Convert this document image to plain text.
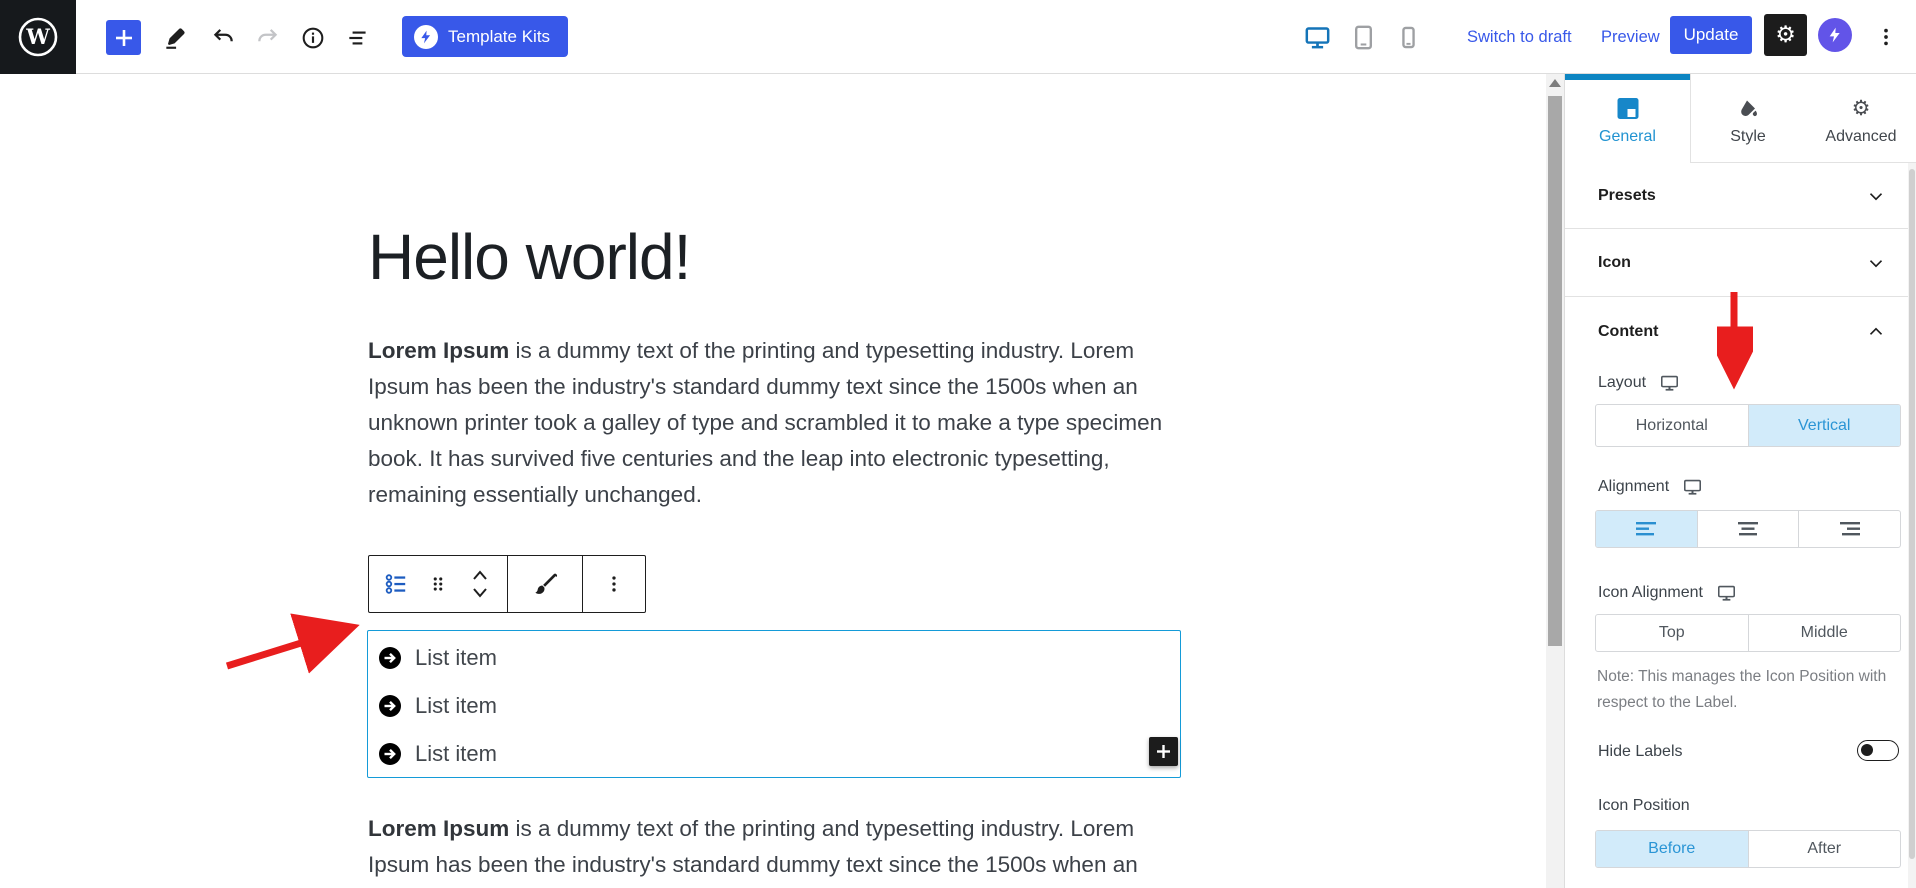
W	Template Kits	Switch to draft Preview Update ⚙
Hello world!
Lorem Ipsum is a dummy text of the printing and typesetting industry. Lorem
Ipsum has been the industry's standard dummy text since the 1500s when an
unknown printer took a galley of type and scrambled it to make a type specimen
book. It has survived five centuries and the leap into electronic typesetting,
remaining essentially unchanged.
List item
List item
List item
Lorem Ipsum is a dummy text of the printing and typesetting industry. Lorem
Ipsum has been the industry's standard dummy text since the 1500s when an
General	Style
⚙
Advanced
Presets
Icon
Content
Layout
Horizontal	Vertical
Alignment
Icon Alignment
Top	Middle
Note: This manages the Icon Position with respect to the Label.
Hide Labels
Icon Position
Before	After
